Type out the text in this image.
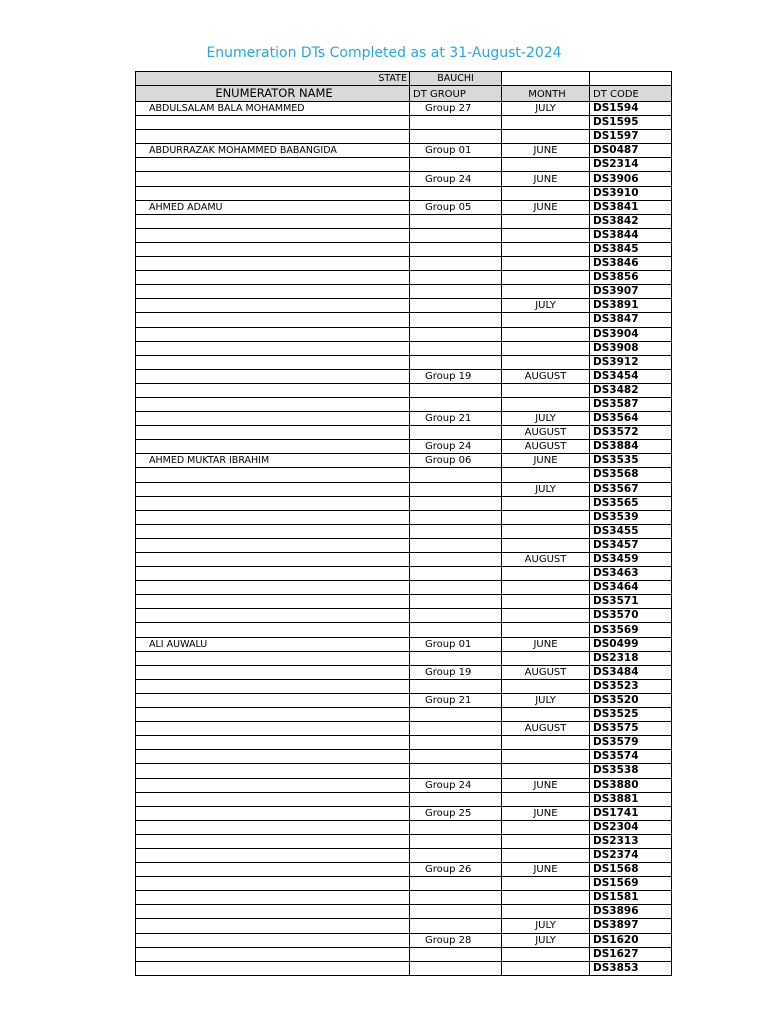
Enumeration DTs Completed as at 31-August-2024
STATE	BAUCHI		
ENUMERATOR NAME	DT GROUP	MONTH	DT CODE
ABDULSALAM BALA MOHAMMED	Group 27	JULY	DS1594
			DS1595
			DS1597
ABDURRAZAK MOHAMMED BABANGIDA	Group 01	JUNE	DS0487
			DS2314
	Group 24	JUNE	DS3906
			DS3910
AHMED ADAMU	Group 05	JUNE	DS3841
			DS3842
			DS3844
			DS3845
			DS3846
			DS3856
			DS3907
		JULY	DS3891
			DS3847
			DS3904
			DS3908
			DS3912
	Group 19	AUGUST	DS3454
			DS3482
			DS3587
	Group 21	JULY	DS3564
		AUGUST	DS3572
	Group 24	AUGUST	DS3884
AHMED MUKTAR IBRAHIM	Group 06	JUNE	DS3535
			DS3568
		JULY	DS3567
			DS3565
			DS3539
			DS3455
			DS3457
		AUGUST	DS3459
			DS3463
			DS3464
			DS3571
			DS3570
			DS3569
ALI AUWALU	Group 01	JUNE	DS0499
			DS2318
	Group 19	AUGUST	DS3484
			DS3523
	Group 21	JULY	DS3520
			DS3525
		AUGUST	DS3575
			DS3579
			DS3574
			DS3538
	Group 24	JUNE	DS3880
			DS3881
	Group 25	JUNE	DS1741
			DS2304
			DS2313
			DS2374
	Group 26	JUNE	DS1568
			DS1569
			DS1581
			DS3896
		JULY	DS3897
	Group 28	JULY	DS1620
			DS1627
			DS3853
